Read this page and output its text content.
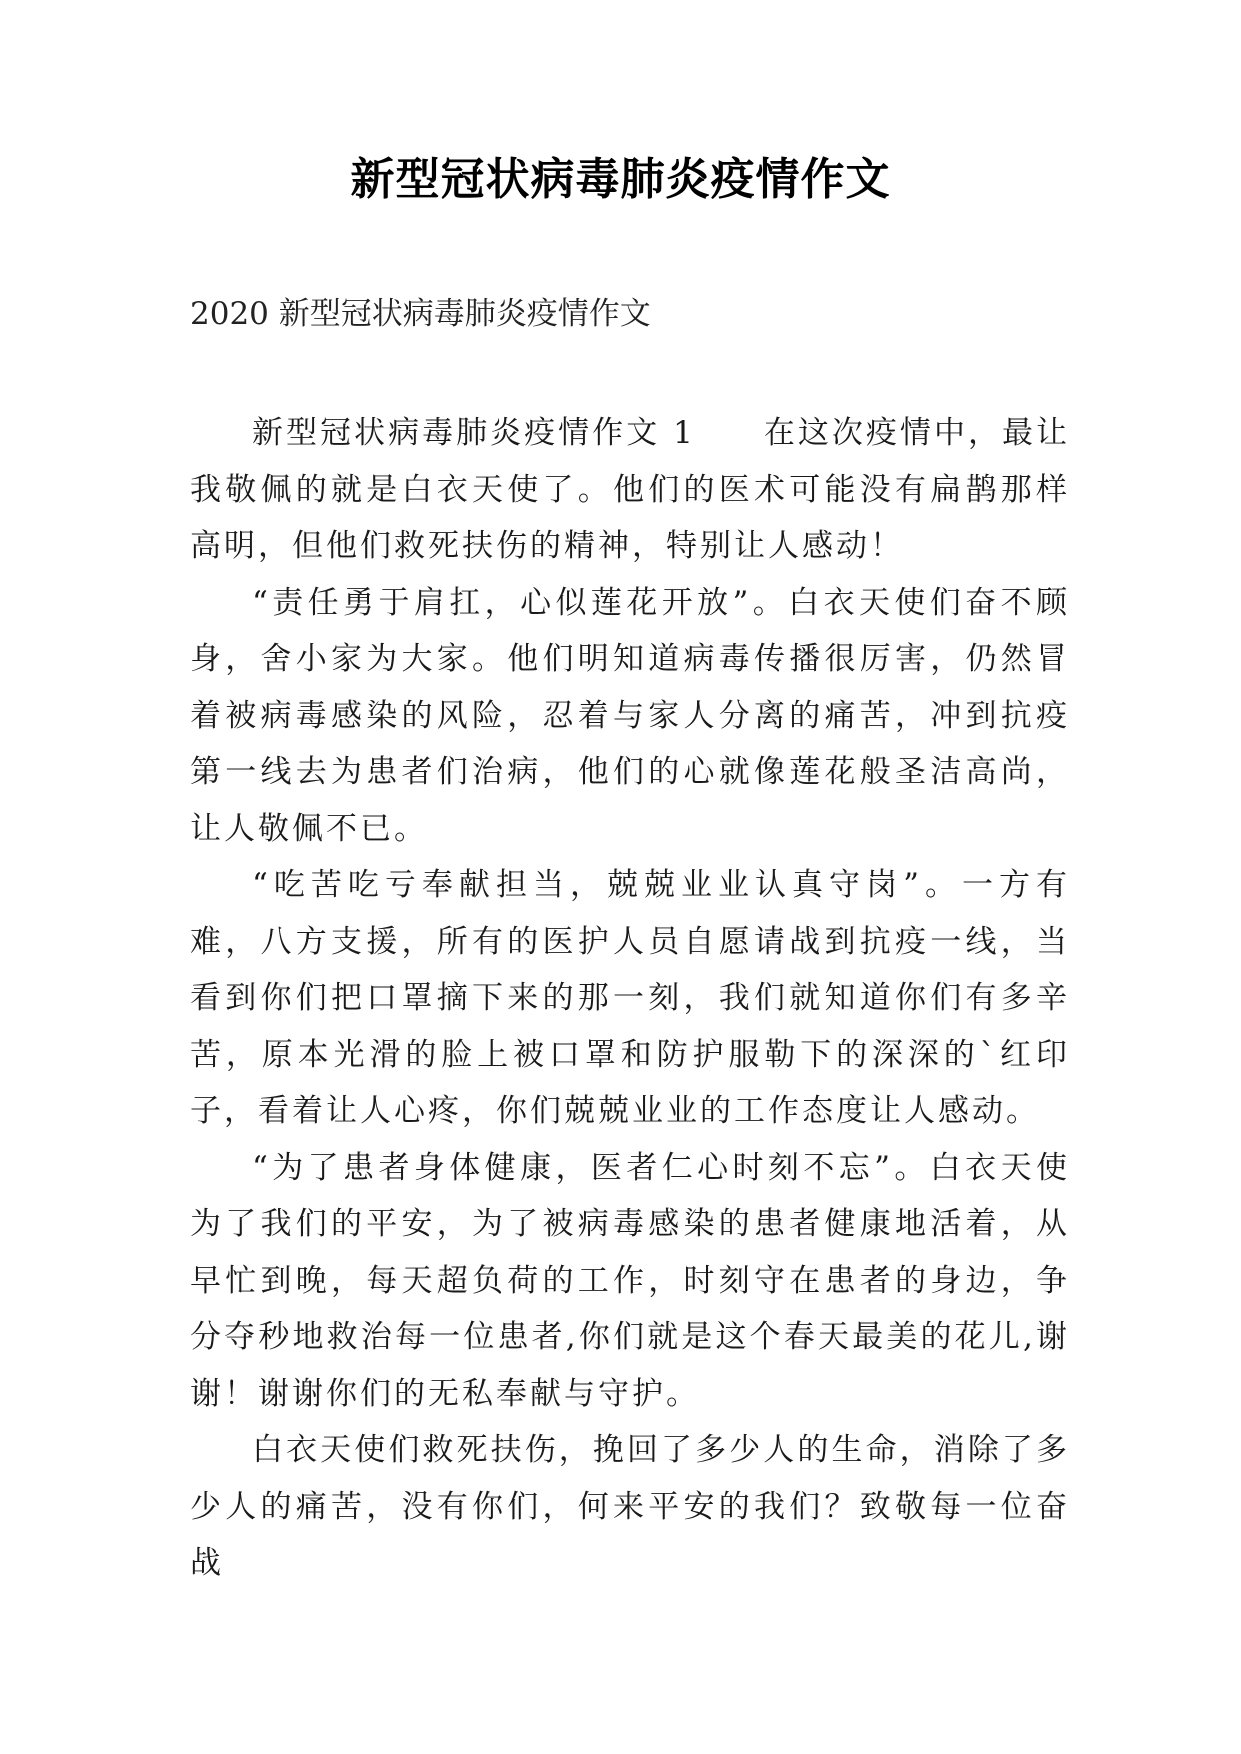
新型冠状病毒肺炎疫情作文

2020 新型冠状病毒肺炎疫情作文

新型冠状病毒肺炎疫情作文 1　　在这次疫情中，最让我敬佩的就是白衣天使了。他们的医术可能没有扁鹊那样高明，但他们救死扶伤的精神，特别让人感动！

“责任勇于肩扛，心似莲花开放”。白衣天使们奋不顾身，舍小家为大家。他们明知道病毒传播很厉害，仍然冒着被病毒感染的风险，忍着与家人分离的痛苦，冲到抗疫第一线去为患者们治病，他们的心就像莲花般圣洁高尚，让人敬佩不已。

“吃苦吃亏奉献担当，兢兢业业认真守岗”。一方有难，八方支援，所有的医护人员自愿请战到抗疫一线，当看到你们把口罩摘下来的那一刻，我们就知道你们有多辛苦，原本光滑的脸上被口罩和防护服勒下的深深的`红印子，看着让人心疼，你们兢兢业业的工作态度让人感动。

“为了患者身体健康，医者仁心时刻不忘”。白衣天使为了我们的平安，为了被病毒感染的患者健康地活着，从早忙到晚，每天超负荷的工作，时刻守在患者的身边，争分夺秒地救治每一位患者,你们就是这个春天最美的花儿,谢谢！谢谢你们的无私奉献与守护。

白衣天使们救死扶伤，挽回了多少人的生命，消除了多少人的痛苦，没有你们，何来平安的我们？致敬每一位奋战
